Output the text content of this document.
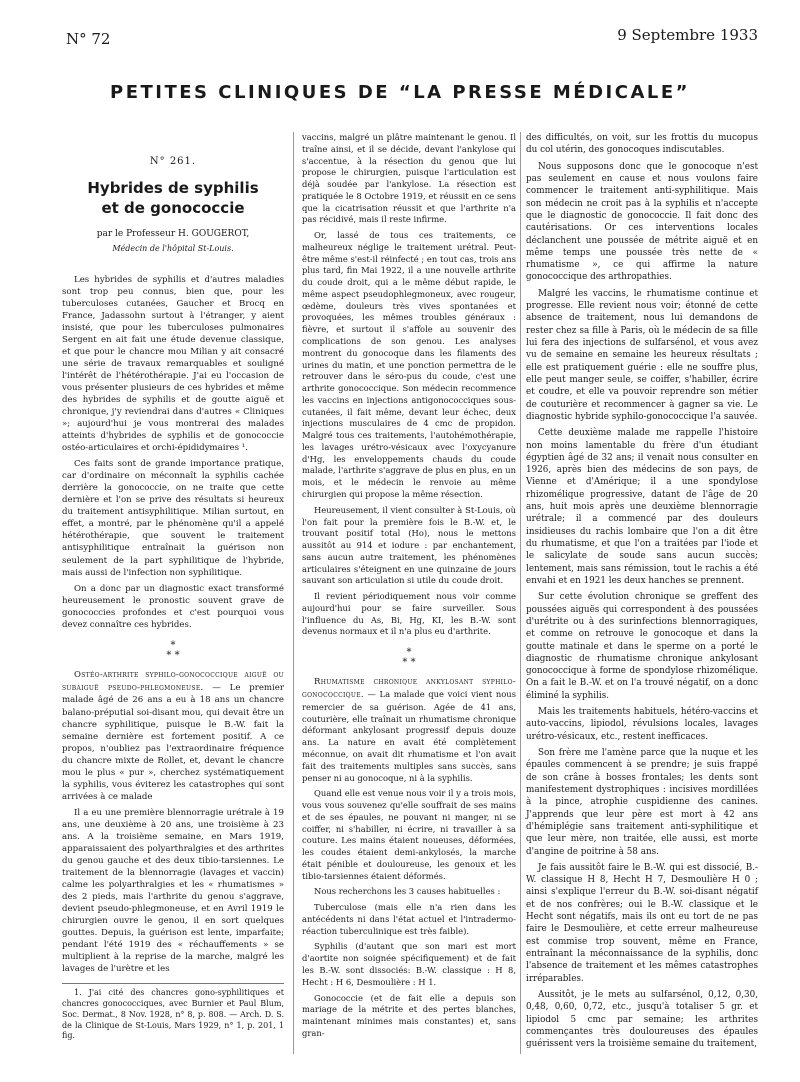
N° 72	9 Septembre 1933
PETITES CLINIQUES DE “LA PRESSE MÉDICALE”
N° 261.
Hybrides de syphilis
et de gonococcie
par le Professeur H. GOUGEROT,
Médecin de l'hôpital St-Louis.

Les hybrides de syphilis et d'autres maladies sont trop peu connus, bien que, pour les tuberculoses cutanées, Gaucher et Brocq en France, Jadassohn surtout à l'étranger, y aient insisté, que pour les tuberculoses pulmonaires Sergent en ait fait une étude devenue classique, et que pour le chancre mou Milian y ait consacré une série de travaux remarquables et souligné l'intérêt de l'hétérothérapie. J'ai eu l'occasion de vous présenter plusieurs de ces hybrides et même des hybrides de syphilis et de goutte aiguë et chronique, j'y reviendrai dans d'autres « Cliniques »; aujourd'hui je vous montrerai des malades atteints d'hybrides de syphilis et de gonococcie ostéo-articulaires et orchi-épididymaires ¹.

Ces faits sont de grande importance pratique, car d'ordinaire on méconnaît la syphilis cachée derrière la gonococcie, on ne traite que cette dernière et l'on se prive des résultats si heureux du traitement antisyphilitique. Milian surtout, en effet, a montré, par le phénomène qu'il a appelé hétérothérapie, que souvent le traitement antisyphilitique entraînait la guérison non seulement de la part syphilitique de l'hybride, mais aussi de l'infection non syphilitique.

On a donc par un diagnostic exact transformé heureusement le pronostic souvent grave de gonococcies profondes et c'est pourquoi vous devez connaître ces hybrides.

*
* *

Ostéo-arthrite syphilo-gonococcique aiguë ou subaiguë pseudo-phlegmoneuse. — Le premier malade âgé de 26 ans a eu à 18 ans un chancre balano-préputial soi-disant mou, qui devait être un chancre syphilitique, puisque le B.-W. fait la semaine dernière est fortement positif. A ce propos, n'oubliez pas l'extraordinaire fréquence du chancre mixte de Rollet, et, devant le chancre mou le plus « pur », cherchez systématiquement la syphilis, vous éviterez les catastrophes qui sont arrivées à ce malade

Il a eu une première blennorragie urétrale à 19 ans, une deuxième à 20 ans, une troisième à 23 ans. A la troisième semaine, en Mars 1919, apparaissaient des polyarthralgies et des arthrites du genou gauche et des deux tibio-tarsiennes. Le traitement de la blennorragie (lavages et vaccin) calme les polyarthralgies et les « rhumatismes » des 2 pieds, mais l'arthrite du genou s'aggrave, devient pseudo-phlegmoneuse, et en Avril 1919 le chirurgien ouvre le genou, il en sort quelques gouttes. Depuis, la guérison est lente, imparfaite; pendant l'été 1919 des « réchauffements » se multiplient à la reprise de la marche, malgré les lavages de l'urètre et les

1. J'ai cité des chancres gono-syphilitiques et chancres gonococciques, avec Burnier et Paul Blum, Soc. Dermat., 8 Nov. 1928, n° 8, p. 808. — Arch. D. S. de la Clinique de St-Louis, Mars 1929, n° 1, p. 201, 1 fig.

vaccins, malgré un plâtre maintenant le genou. Il traîne ainsi, et il se décide, devant l'ankylose qui s'accentue, à la résection du genou que lui propose le chirurgien, puisque l'articulation est déjà soudée par l'ankylose. La résection est pratiquée le 8 Octobre 1919, et réussit en ce sens que la cicatrisation réussit et que l'arthrite n'a pas récidivé, mais il reste infirme.

Or, lassé de tous ces traitements, ce malheureux néglige le traitement urétral. Peut-être même s'est-il réinfecté ; en tout cas, trois ans plus tard, fin Mai 1922, il a une nouvelle arthrite du coude droit, qui a le même début rapide, le même aspect pseudophlegmoneux, avec rougeur, œdème, douleurs très vives spontanées et provoquées, les mêmes troubles généraux : fièvre, et surtout il s'affole au souvenir des complications de son genou. Les analyses montrent du gonocoque dans les filaments des urines du matin, et une ponction permettra de le retrouver dans le séro-pus du coude, c'est une arthrite gonococcique. Son médecin recommence les vaccins en injections antigonococciques sous-cutanées, il fait même, devant leur échec, deux injections musculaires de 4 cmc de propidon. Malgré tous ces traitements, l'autohémothérapie, les lavages urétro-vésicaux avec l'oxycyanure d'Hg, les enveloppements chauds du coude malade, l'arthrite s'aggrave de plus en plus, en un mois, et le médecin le renvoie au même chirurgien qui propose la même résection.

Heureusement, il vient consulter à St-Louis, où l'on fait pour la première fois le B.-W. et, le trouvant positif total (Ho), nous le mettons aussitôt au 914 et iodure : par enchantement, sans aucun autre traitement, les phénomènes articulaires s'éteignent en une quinzaine de jours sauvant son articulation si utile du coude droit.

Il revient périodiquement nous voir comme aujourd'hui pour se faire surveiller. Sous l'influence du As, Bi, Hg, KI, les B.-W. sont devenus normaux et il n'a plus eu d'arthrite.

*
* *

Rhumatisme chronique ankylosant syphilo-gonococcique. — La malade que voici vient nous remercier de sa guérison. Agée de 41 ans, couturière, elle traînait un rhumatisme chronique déformant ankylosant progressif depuis douze ans. La nature en avait été complètement méconnue, on avait dit rhumatisme et l'on avait fait des traitements multiples sans succès, sans penser ni au gonocoque, ni à la syphilis.

Quand elle est venue nous voir il y a trois mois, vous vous souvenez qu'elle souffrait de ses mains et de ses épaules, ne pouvant ni manger, ni se coiffer, ni s'habiller, ni écrire, ni travailler à sa couture. Les mains étaient noueuses, déformées, les coudes étaient demi-ankylosés, la marche était pénible et douloureuse, les genoux et les tibio-tarsiennes étaient déformés.

Nous recherchons les 3 causes habituelles :

Tuberculose (mais elle n'a rien dans les antécédents ni dans l'état actuel et l'intradermo-réaction tuberculinique est très faible).

Syphilis (d'autant que son mari est mort d'aortite non soignée spécifiquement) et de fait les B.-W. sont dissociés: B.-W. classique : H 8, Hecht : H 6, Desmoulière : H 1.

Gonococcie (et de fait elle a depuis son mariage de la métrite et des pertes blanches, maintenant minimes mais constantes) et, sans gran-

des difficultés, on voit, sur les frottis du mucopus du col utérin, des gonocoques indiscutables.

Nous supposons donc que le gonocoque n'est pas seulement en cause et nous voulons faire commencer le traitement anti-syphilitique. Mais son médecin ne croit pas à la syphilis et n'accepte que le diagnostic de gonococcie. Il fait donc des cautérisations. Or ces interventions locales déclanchent une poussée de métrite aiguë et en même temps une poussée très nette de « rhumatisme », ce qui affirme la nature gonococcique des arthropathies.

Malgré les vaccins, le rhumatisme continue et progresse. Elle revient nous voir; étonné de cette absence de traitement, nous lui demandons de rester chez sa fille à Paris, où le médecin de sa fille lui fera des injections de sulfarsénol, et vous avez vu de semaine en semaine les heureux résultats ; elle est pratiquement guérie : elle ne souffre plus, elle peut manger seule, se coiffer, s'habiller, écrire et coudre, et elle va pouvoir reprendre son métier de couturière et recommencer à gagner sa vie. Le diagnostic hybride syphilo-gonococcique l'a sauvée.

Cette deuxième malade me rappelle l'histoire non moins lamentable du frère d'un étudiant égyptien âgé de 32 ans; il venait nous consulter en 1926, après bien des médecins de son pays, de Vienne et d'Amérique; il a une spondylose rhizomélique progressive, datant de l'âge de 20 ans, huit mois après une deuxième blennorragie urétrale; il a commencé par des douleurs insidieuses du rachis lombaire que l'on a dit être du rhumatisme, et que l'on a traitées par l'iode et le salicylate de soude sans aucun succès; lentement, mais sans rémission, tout le rachis a été envahi et en 1921 les deux hanches se prennent.

Sur cette évolution chronique se greffent des poussées aiguës qui correspondent à des poussées d'urétrite ou à des surinfections blennorragiques, et comme on retrouve le gonocoque et dans la goutte matinale et dans le sperme on a porté le diagnostic de rhumatisme chronique ankylosant gonococcique à forme de spondylose rhizomélique. On a fait le B.-W. et on l'a trouvé négatif, on a donc éliminé la syphilis.

Mais les traitements habituels, hétéro-vaccins et auto-vaccins, lipiodol, révulsions locales, lavages urétro-vésicaux, etc., restent inefficaces.

Son frère me l'amène parce que la nuque et les épaules commencent à se prendre; je suis frappé de son crâne à bosses frontales; les dents sont manifestement dystrophiques : incisives mordillées à la pince, atrophie cuspidienne des canines. J'apprends que leur père est mort à 42 ans d'hémiplégie sans traitement anti-syphilitique et que leur mère, non traitée, elle aussi, est morte d'angine de poitrine à 58 ans.

Je fais aussitôt faire le B.-W. qui est dissocié, B.-W. classique H 8, Hecht H 7, Desmoulière H 0 ; ainsi s'explique l'erreur du B.-W. soi-disant négatif et de nos confrères; oui le B.-W. classique et le Hecht sont négatifs, mais ils ont eu tort de ne pas faire le Desmoulière, et cette erreur malheureuse est commise trop souvent, même en France, entraînant la méconnaissance de la syphilis, donc l'absence de traitement et les mêmes catastrophes irréparables.

Aussitôt, je le mets au sulfarsénol, 0,12, 0,30, 0,48, 0,60, 0,72, etc., jusqu'à totaliser 5 gr. et lipiodol 5 cmc par semaine; les arthrites commençantes très douloureuses des épaules guérissent vers la troisième semaine du traitement,
